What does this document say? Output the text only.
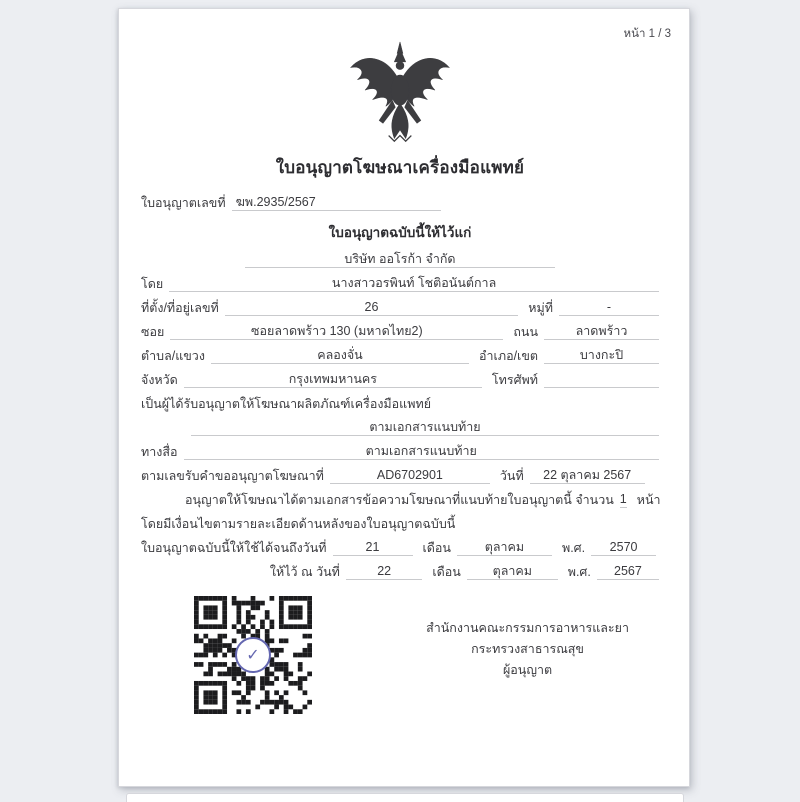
หน้า 1 / 3
ใบอนุญาตโฆษณาเครื่องมือแพทย์
ใบอนุญาตเลขที่ ฆพ.2935/2567
ใบอนุญาตฉบับนี้ให้ไว้แก่
บริษัท ออโรก้า จำกัด
โดย	นางสาวอรพินท์ โชติอนันต์กาล
ที่ตั้ง/ที่อยู่เลขที่	26	หมู่ที่	-
ซอย	ซอยลาดพร้าว 130 (มหาดไทย2)	ถนน	ลาดพร้าว
ตำบล/แขวง	คลองจั่น	อำเภอ/เขต	บางกะปิ
จังหวัด	กรุงเทพมหานคร	โทรศัพท์
เป็นผู้ได้รับอนุญาตให้โฆษณาผลิตภัณฑ์เครื่องมือแพทย์
ตามเอกสารแนบท้าย
ทางสื่อ	ตามเอกสารแนบท้าย
ตามเลขรับคำขออนุญาตโฆษณาที่	AD6702901	วันที่	22 ตุลาคม 2567
อนุญาตให้โฆษณาได้ตามเอกสารข้อความโฆษณาที่แนบท้ายใบอนุญาตนี้ จำนวน 1 หน้า
โดยมีเงื่อนไขตามรายละเอียดด้านหลังของใบอนุญาตฉบับนี้
ใบอนุญาตฉบับนี้ให้ใช้ได้จนถึงวันที่	21	เดือน	ตุลาคม	พ.ศ.	2570
ให้ไว้ ณ วันที่	22	เดือน	ตุลาคม	พ.ศ.	2567
✓
สำนักงานคณะกรรมการอาหารและยา
กระทรวงสาธารณสุข
ผู้อนุญาต
